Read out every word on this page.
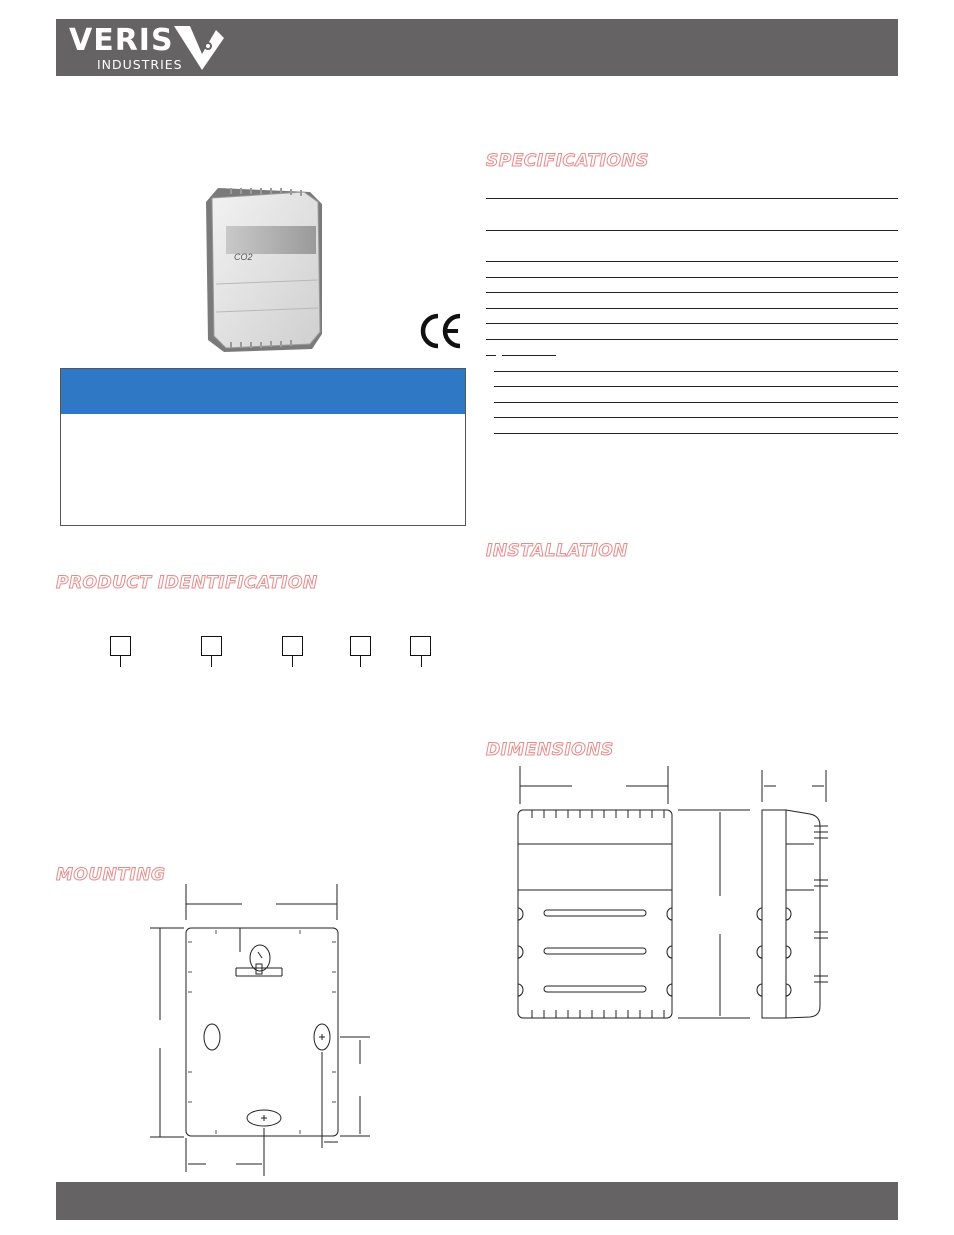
VERIS
INDUSTRIES
CO2
SPECIFICATIONS
INSTALLATION
PRODUCT IDENTIFICATION
MOUNTING
DIMENSIONS
